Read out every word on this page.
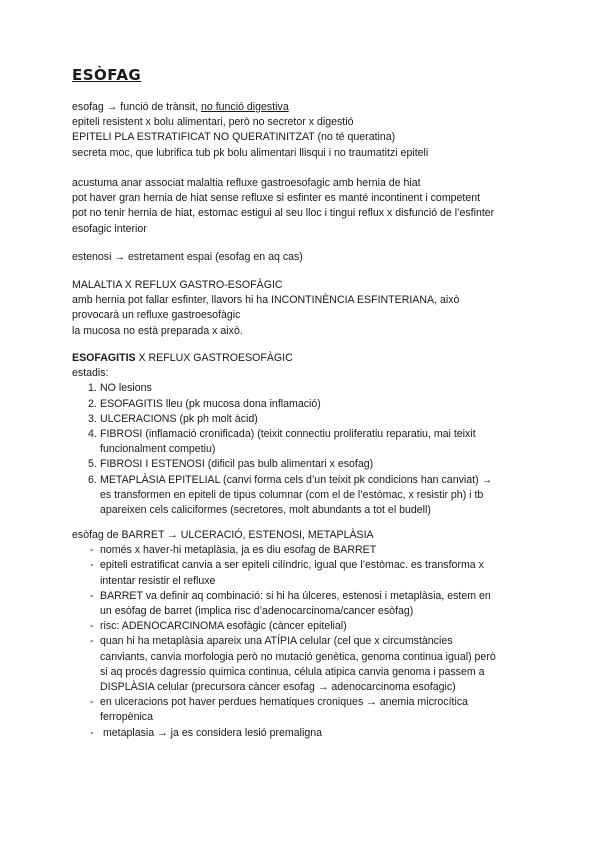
ESÒFAG
esofag → funció de trànsit, no funció digestiva
epiteli resistent x bolu alimentari, però no secretor x digestió
EPITELI PLA ESTRATIFICAT NO QUERATINITZAT (no té queratina)
secreta moc, que lubrifica tub pk bolu alimentari llisqui i no traumatitzi epiteli
acustuma anar associat malaltia refluxe gastroesofagic amb hernia de hiat
pot haver gran hernia de hiat sense refluxe si esfinter es manté incontinent i competent
pot no tenir hernia de hiat, estomac estigui al seu lloc i tingui reflux x disfunció de l’esfinter
esofagic interior
estenosi → estretament espai (esofag en aq cas)
MALALTIA X REFLUX GASTRO-ESOFÀGIC
amb hernia pot fallar esfinter, llavors hi ha INCONTINÈNCIA ESFINTERIANA, això
provocarà un refluxe gastroesofàgic
la mucosa no està preparada x això.
ESOFAGITIS X REFLUX GASTROESOFÀGIC
estadis:
1. NO lesions
2. ESOFAGITIS lleu (pk mucosa dona inflamació)
3. ULCERACIONS (pk ph molt àcid)
4. FIBROSI (inflamació cronificada) (teixit connectiu proliferatiu reparatiu, mai teixit
funcionalment competiu)
5. FIBROSI I ESTENOSI (dificil pas bulb alimentari x esofag)
6. METAPLÀSIA EPITELIAL (canvi forma cels d’un teixit pk condicions han canviat) →
es transformen en epiteli de tipus columnar (com el de l’estòmac, x resistir ph) i tb
apareixen cels caliciformes (secretores, molt abundants a tot el budell)
esòfag de BARRET → ULCERACIÓ, ESTENOSI, METAPLÀSIA
- només x haver-hi metaplàsia, ja es diu esofag de BARRET
- epiteli estratificat canvia a ser epiteli cilíndric, igual que l’estòmac. es transforma x
intentar resistir el refluxe
- BARRET va definir aq combinació: si hi ha úlceres, estenosi i metaplàsia, estem en
un esòfag de barret (implica risc d’adenocarcinoma/cancer esòfag)
- risc: ADENOCARCINOMA esofàgic (càncer epitelial)
- quan hi ha metaplàsia apareix una ATÍPIA celular (cel que x circumstàncies
canviants, canvia morfologia però no mutació genètica, genoma continua igual) però
si aq procés dagressio quimica continua, célula atipica canvia genoma i passem a
DISPLÀSIA celular (precursora càncer esofag → adenocarcinoma esofagic)
- en ulceracions pot haver perdues hematiques croniques → anemia microcítica
ferropènica
- metaplasia → ja es considera lesió premaligna
